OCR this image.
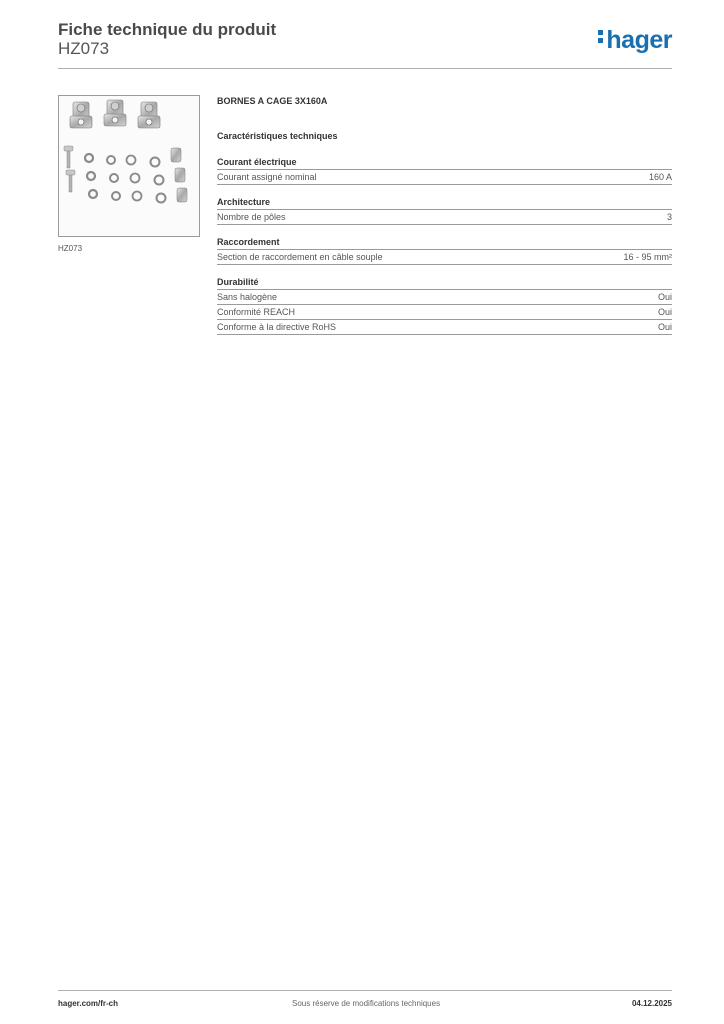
Fiche technique du produit
HZ073	hager
HZ073
BORNES A CAGE 3X160A
Caractéristiques techniques
Courant électrique
Courant assigné nominal	160 A
Architecture
Nombre de pôles	3
Raccordement
Section de raccordement en câble souple	16 - 95 mm²
Durabilité
Sans halogène	Oui
Conformité REACH	Oui
Conforme à la directive RoHS	Oui
hager.com/fr-ch	Sous réserve de modifications techniques	04.12.2025
